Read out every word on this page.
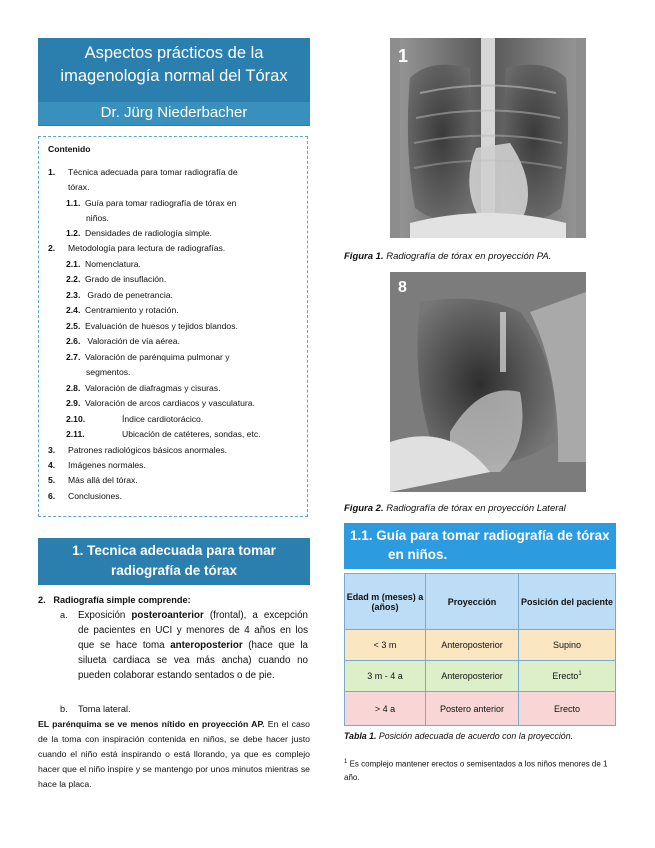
Aspectos prácticos de la
imagenología normal del Tórax
Dr. Jürg Niederbacher
Contenido
1. Técnica adecuada para tomar radiografía de
tórax.
1.1. Guía para tomar radiografía de tórax en
niños.
1.2. Densidades de radiología simple.
2. Metodología para lectura de radiografías.
2.1. Nomenclatura.
2.2. Grado de insuflación.
2.3. Grado de penetrancia.
2.4. Centramiento y rotación.
2.5. Evaluación de huesos y tejidos blandos.
2.6. Valoración de vía aérea.
2.7. Valoración de parénquima pulmonar y
segmentos.
2.8. Valoración de diafragmas y cisuras.
2.9. Valoración de arcos cardiacos y vasculatura.
2.10.	Índice cardiotorácico.
2.11.	Ubicación de catéteres, sondas, etc.
3. Patrones radiológicos básicos anormales.
4. Imágenes normales.
5. Más allá del tórax.
6. Conclusiones.
1. Tecnica adecuada para tomar
radiografía de tórax
2. Radiografía simple comprende:
a. Exposición posteroanterior (frontal), a excepción de pacientes en UCI y menores de 4 años en los que se hace toma anteroposterior (hace que la silueta cardiaca se vea más ancha) cuando no pueden colaborar estando sentados o de pie.
b. Toma lateral.
EL parénquima se ve menos nítido en proyección AP. En el caso de la toma con inspiración contenida en niños, se debe hacer justo cuando el niño está inspirando o está llorando, ya que es complejo hacer que el niño inspire y se mantengo por unos minutos mientras se hace la placa.
1
Figura 1. Radiografía de tórax en proyección PA.
8
Figura 2. Radiografía de tórax en proyección Lateral
1.1. Guía para tomar radiografía de tórax
en niños.
Edad m (meses) a (años)	Proyección	Posición del paciente
< 3 m	Anteroposterior	Supino
3 m - 4 a	Anteroposterior	Erecto$^1$
> 4 a	Postero anterior	Erecto
Tabla 1. Posición adecuada de acuerdo con la proyección.
$^1$ Es complejo mantener erectos o semisentados a los niños menores de 1 año.
